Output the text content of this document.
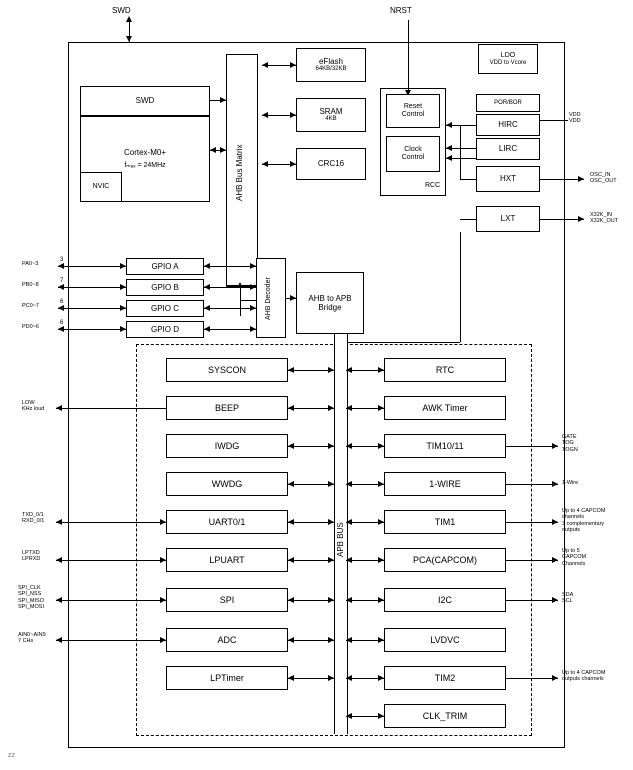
SWD	NRST
SWD
Cortex-M0+
fₘₐₓ = 24MHz
NVIC	AHB Bus Matrix
eFlash
64KB/32KB
SRAM
4KB
CRC16
LDO
VDD to Vcore
Reset
Control
Clock
Control
RCC
POR/BOR
HIRC
LIRC
HXT
LXT
VDD
VDD
OSC_IN
OSC_OUT
X32K_IN
X32K_OUT
AHB Decoder	AHB to APB
Bridge
GPIO A
GPIO B
GPIO C
GPIO D
PA0~3
3
PB0~8
7
PC0~7
6
PD0~6
6
APB BUS
SYSCON
BEEP
IWDG
WWDG
UART0/1
LPUART
SPI
ADC
LPTimer
RTC
AWK Timer
TIM10/11
1-WIRE
TIM1
PCA(CAPCOM)
I2C
LVDVC
TIM2
CLK_TRIM
LOW
KHz loud
TXD_0/1
RXD_0/1
LPTXD
LPRXD
SPI_CLK
SPI_NSS
SPI_MISO
SPI_MOSI
AIN0~AIN9
7 CHs
GATE
TOG
TOGN
1-Wire
Up to 4 CAPCOM
channels
3 complementary
outputs
Up to 5
CAPCOM
Channels
SDA
SCL
Up to 4 CAPCOM
outputs channels
zz
